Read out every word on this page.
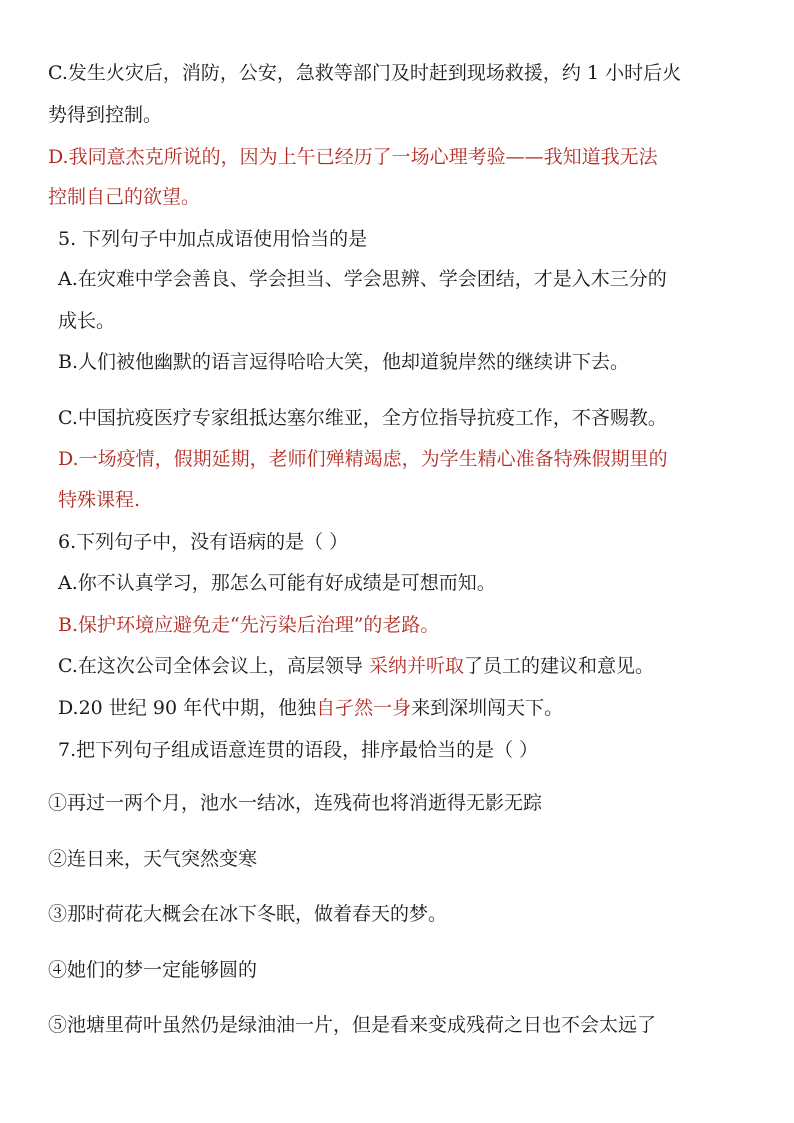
C.发生火灾后，消防，公安，急救等部门及时赶到现场救援，约 1 小时后火
势得到控制。
D.我同意杰克所说的，因为上午已经历了一场心理考验——我知道我无法
控制自己的欲望。
5. 下列句子中加点成语使用恰当的是
A.在灾难中学会善良、学会担当、学会思辨、学会团结，才是入木三分的
成长。
B.人们被他幽默的语言逗得哈哈大笑，他却道貌岸然的继续讲下去。
C.中国抗疫医疗专家组抵达塞尔维亚，全方位指导抗疫工作，不吝赐教。
D.一场疫情，假期延期，老师们殚精竭虑，为学生精心准备特殊假期里的
特殊课程.
6.下列句子中，没有语病的是（ ）
A.你不认真学习，那怎么可能有好成绩是可想而知。
B.保护环境应避免走“先污染后治理”的老路。
C.在这次公司全体会议上，高层领导 采纳并听取了员工的建议和意见。
D.20 世纪 90 年代中期，他独自孑然一身来到深圳闯天下。
7.把下列句子组成语意连贯的语段，排序最恰当的是（ ）
①再过一两个月，池水一结冰，连残荷也将消逝得无影无踪
②连日来，天气突然变寒
③那时荷花大概会在冰下冬眠，做着春天的梦。
④她们的梦一定能够圆的
⑤池塘里荷叶虽然仍是绿油油一片，但是看来变成残荷之日也不会太远了
